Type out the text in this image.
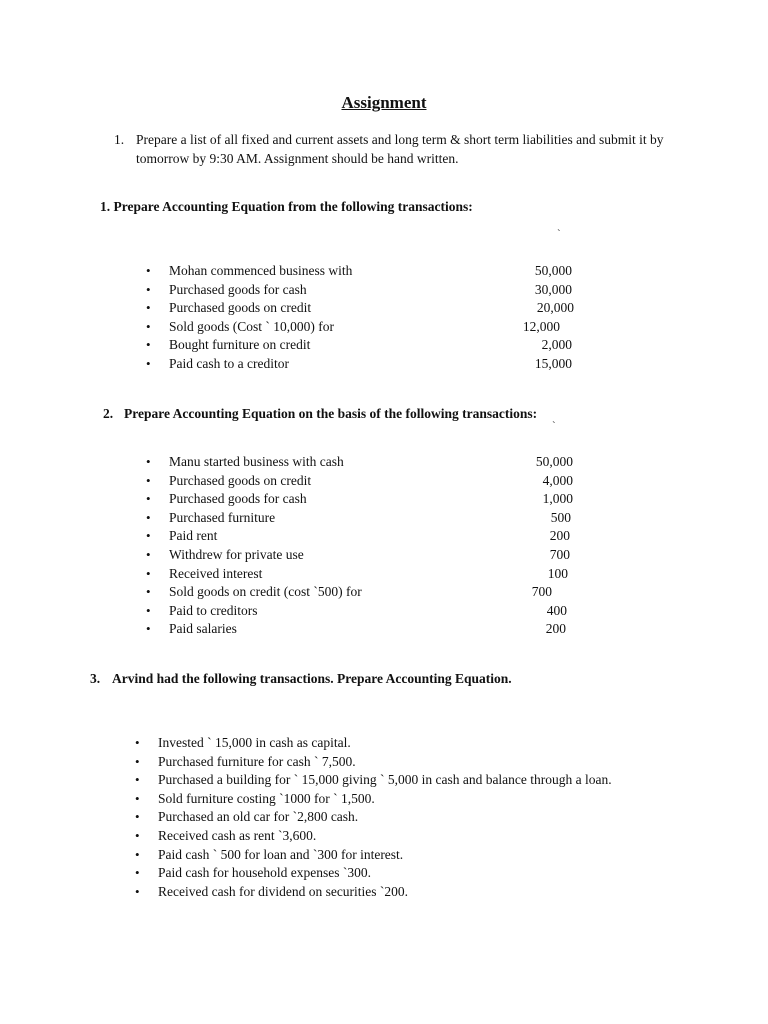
Assignment
1. Prepare a list of all fixed and current assets and long term & short term liabilities and submit it by
tomorrow by 9:30 AM. Assignment should be hand written.
1. Prepare Accounting Equation from the following transactions:
`
• Mohan commenced business with	50,000
• Purchased goods for cash	30,000
• Purchased goods on credit	20,000
• Sold goods (Cost ` 10,000) for	12,000
• Bought furniture on credit	2,000
• Paid cash to a creditor	15,000
2. Prepare Accounting Equation on the basis of the following transactions:
`
• Manu started business with cash	50,000
• Purchased goods on credit	4,000
• Purchased goods for cash	1,000
• Purchased furniture	500
• Paid rent	200
• Withdrew for private use	700
• Received interest	100
• Sold goods on credit (cost `500) for	700
• Paid to creditors	400
• Paid salaries	200
3. Arvind had the following transactions. Prepare Accounting Equation.
• Invested ` 15,000 in cash as capital.
• Purchased furniture for cash ` 7,500.
• Purchased a building for ` 15,000 giving ` 5,000 in cash and balance through a loan.
• Sold furniture costing `1000 for ` 1,500.
• Purchased an old car for `2,800 cash.
• Received cash as rent `3,600.
• Paid cash ` 500 for loan and `300 for interest.
• Paid cash for household expenses `300.
• Received cash for dividend on securities `200.
